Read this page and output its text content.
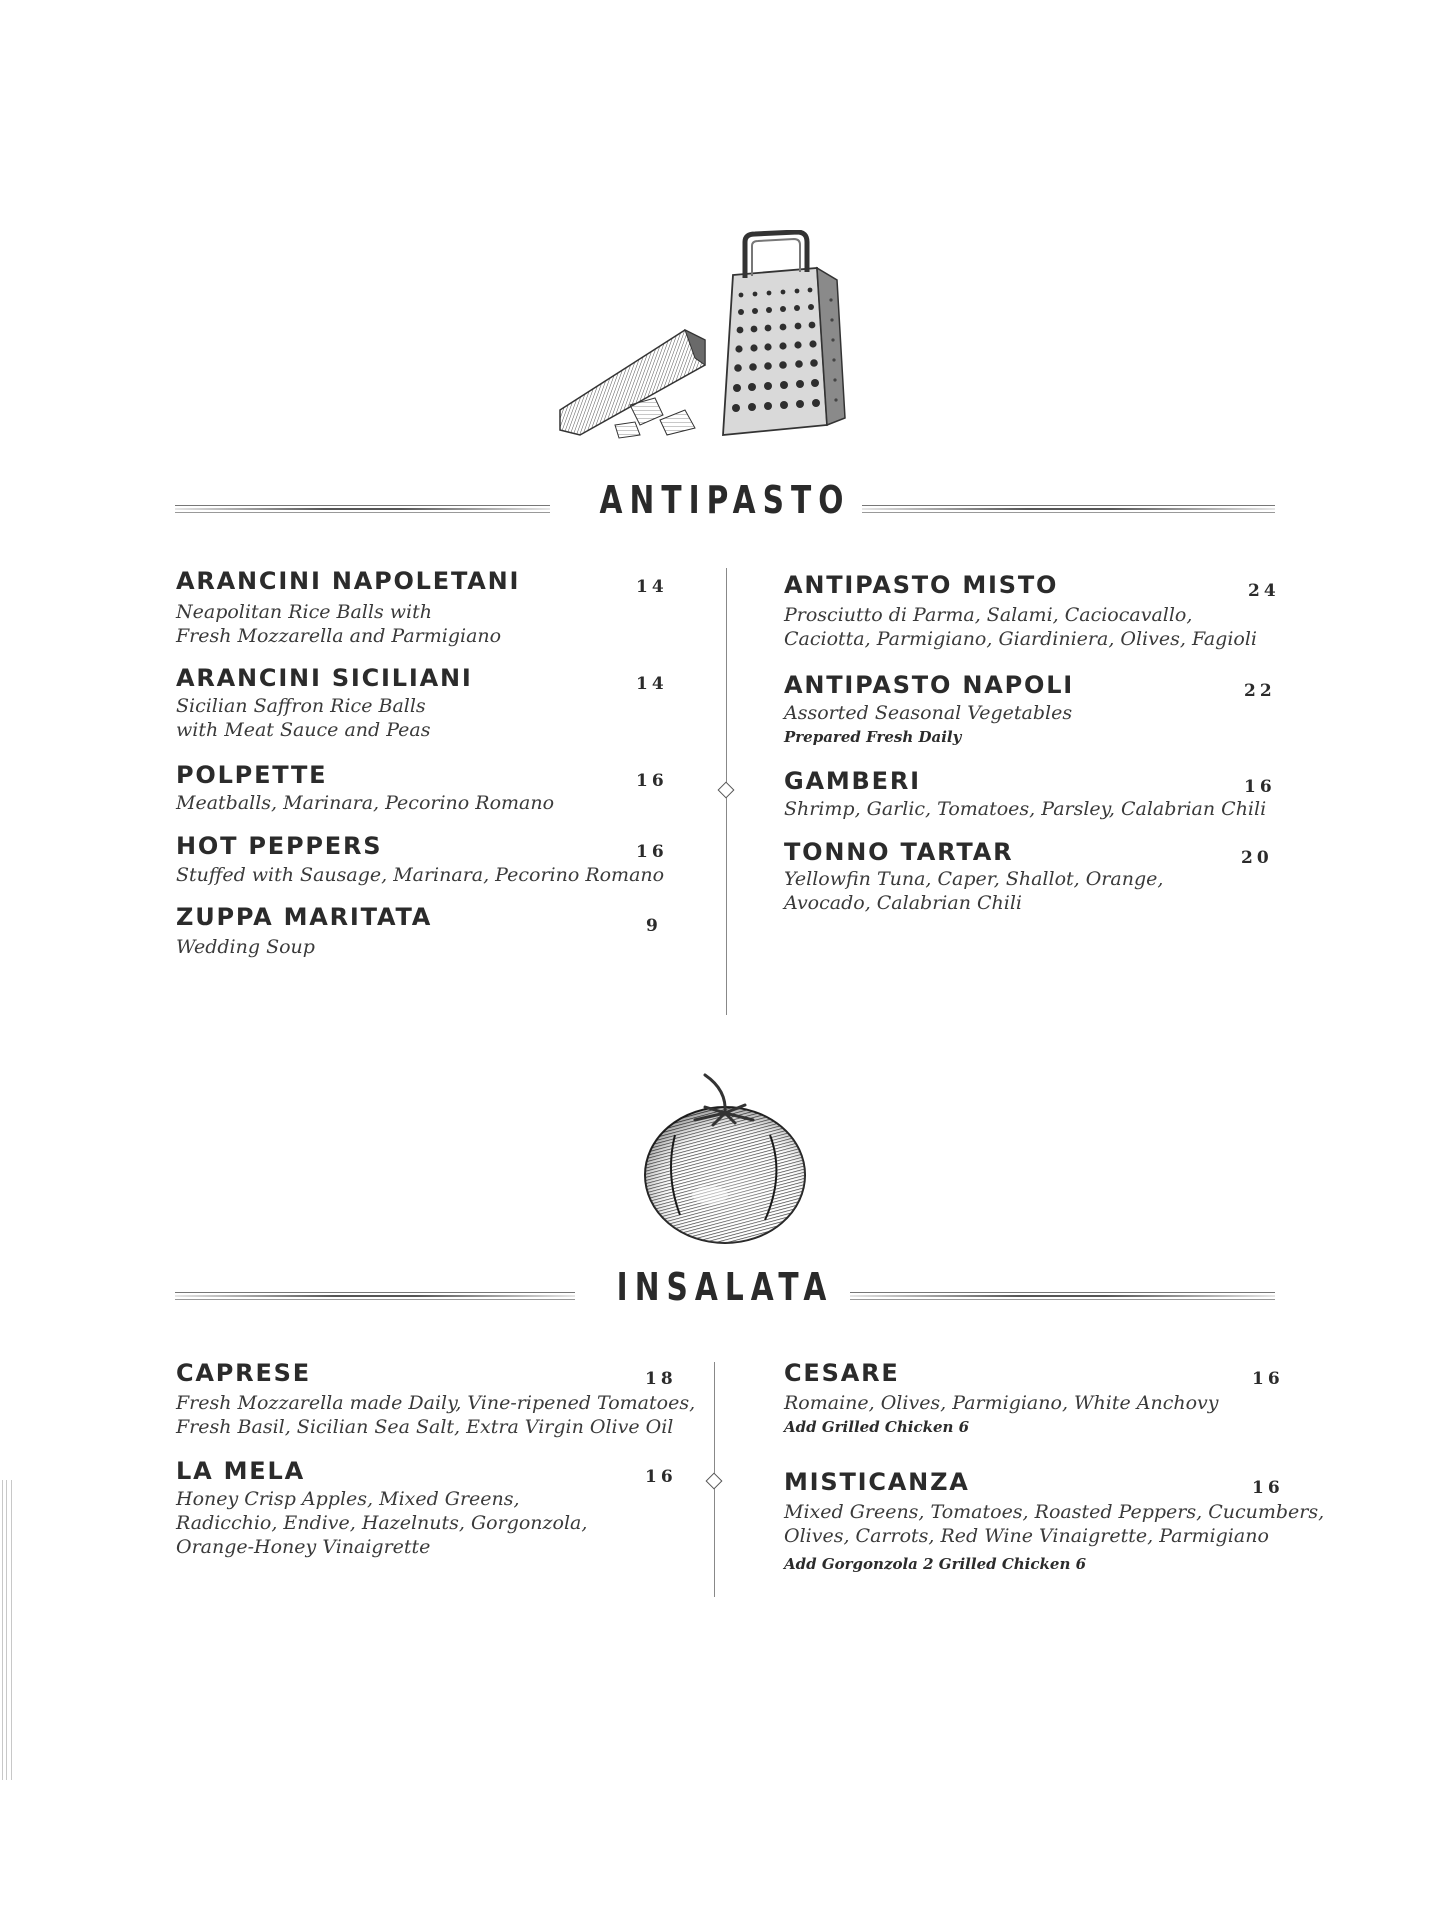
ANTIPASTO
ARANCINI NAPOLETANI	14
Neapolitan Rice Balls with
Fresh Mozzarella and Parmigiano
ARANCINI SICILIANI	14
Sicilian Saffron Rice Balls
with Meat Sauce and Peas
POLPETTE	16
Meatballs, Marinara, Pecorino Romano
HOT PEPPERS	16
Stuffed with Sausage, Marinara, Pecorino Romano
ZUPPA MARITATA	9
Wedding Soup
ANTIPASTO MISTO	24
Prosciutto di Parma, Salami, Caciocavallo,
Caciotta, Parmigiano, Giardiniera, Olives, Fagioli
ANTIPASTO NAPOLI	22
Assorted Seasonal Vegetables
Prepared Fresh Daily
GAMBERI	16
Shrimp, Garlic, Tomatoes, Parsley, Calabrian Chili
TONNO TARTAR	20
Yellowfin Tuna, Caper, Shallot, Orange,
Avocado, Calabrian Chili
INSALATA
CAPRESE	18
Fresh Mozzarella made Daily, Vine-ripened Tomatoes,
Fresh Basil, Sicilian Sea Salt, Extra Virgin Olive Oil
LA MELA	16
Honey Crisp Apples, Mixed Greens,
Radicchio, Endive, Hazelnuts, Gorgonzola,
Orange-Honey Vinaigrette
CESARE	16
Romaine, Olives, Parmigiano, White Anchovy
Add Grilled Chicken 6
MISTICANZA	16
Mixed Greens, Tomatoes, Roasted Peppers, Cucumbers,
Olives, Carrots, Red Wine Vinaigrette, Parmigiano
Add Gorgonzola 2 Grilled Chicken 6
